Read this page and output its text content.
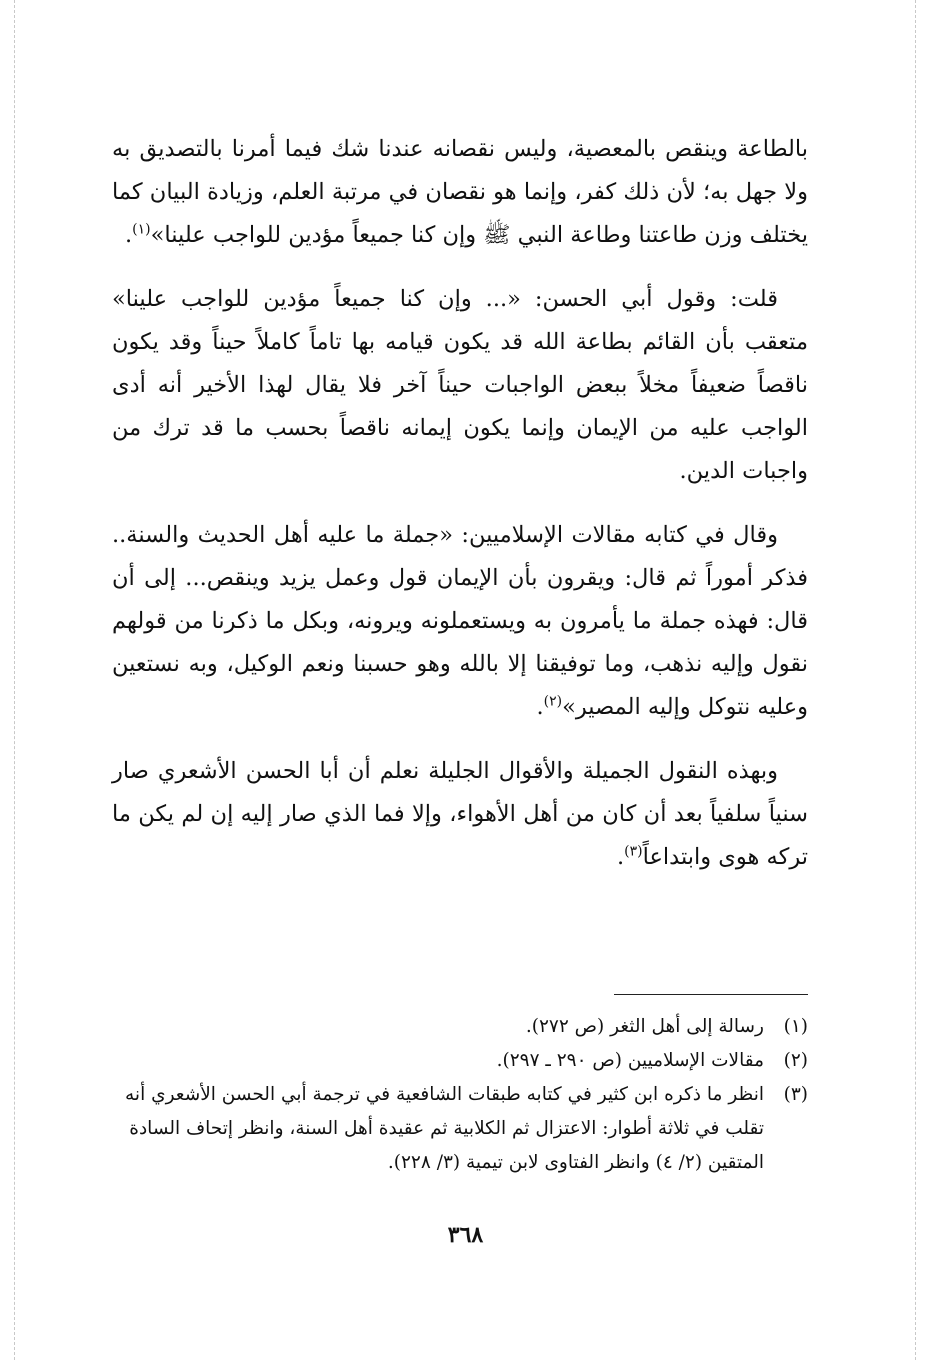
بالطاعة وينقص بالمعصية، وليس نقصانه عندنا شك فيما أمرنا بالتصديق به ولا جهل به؛ لأن ذلك كفر، وإنما هو نقصان في مرتبة العلم، وزيادة البيان كما يختلف وزن طاعتنا وطاعة النبي ﷺ وإن كنا جميعاً مؤدين للواجب علينا»$^{(١)}$.

قلت: وقول أبي الحسن: «... وإن كنا جميعاً مؤدين للواجب علينا» متعقب بأن القائم بطاعة الله قد يكون قيامه بها تاماً كاملاً حيناً وقد يكون ناقصاً ضعيفاً مخلاً ببعض الواجبات حيناً آخر فلا يقال لهذا الأخير أنه أدى الواجب عليه من الإيمان وإنما يكون إيمانه ناقصاً بحسب ما قد ترك من واجبات الدين.

وقال في كتابه مقالات الإسلاميين: «جملة ما عليه أهل الحديث والسنة.. فذكر أموراً ثم قال: ويقرون بأن الإيمان قول وعمل يزيد وينقص... إلى أن قال: فهذه جملة ما يأمرون به ويستعملونه ويرونه، وبكل ما ذكرنا من قولهم نقول وإليه نذهب، وما توفيقنا إلا بالله وهو حسبنا ونعم الوكيل، وبه نستعين وعليه نتوكل وإليه المصير»$^{(٢)}$.

وبهذه النقول الجميلة والأقوال الجليلة نعلم أن أبا الحسن الأشعري صار سنياً سلفياً بعد أن كان من أهل الأهواء، وإلا فما الذي صار إليه إن لم يكن ما تركه هوى وابتداعاً$^{(٣)}$.

(١)
رسالة إلى أهل الثغر (ص ٢٧٢).
(٢)
مقالات الإسلاميين (ص ٢٩٠ ـ ٢٩٧).
(٣)
انظر ما ذكره ابن كثير في كتابه طبقات الشافعية في ترجمة أبي الحسن الأشعري أنه تقلب في ثلاثة أطوار: الاعتزال ثم الكلابية ثم عقيدة أهل السنة، وانظر إتحاف السادة المتقين (٢/ ٤) وانظر الفتاوى لابن تيمية (٣/ ٢٢٨).
٣٦٨
